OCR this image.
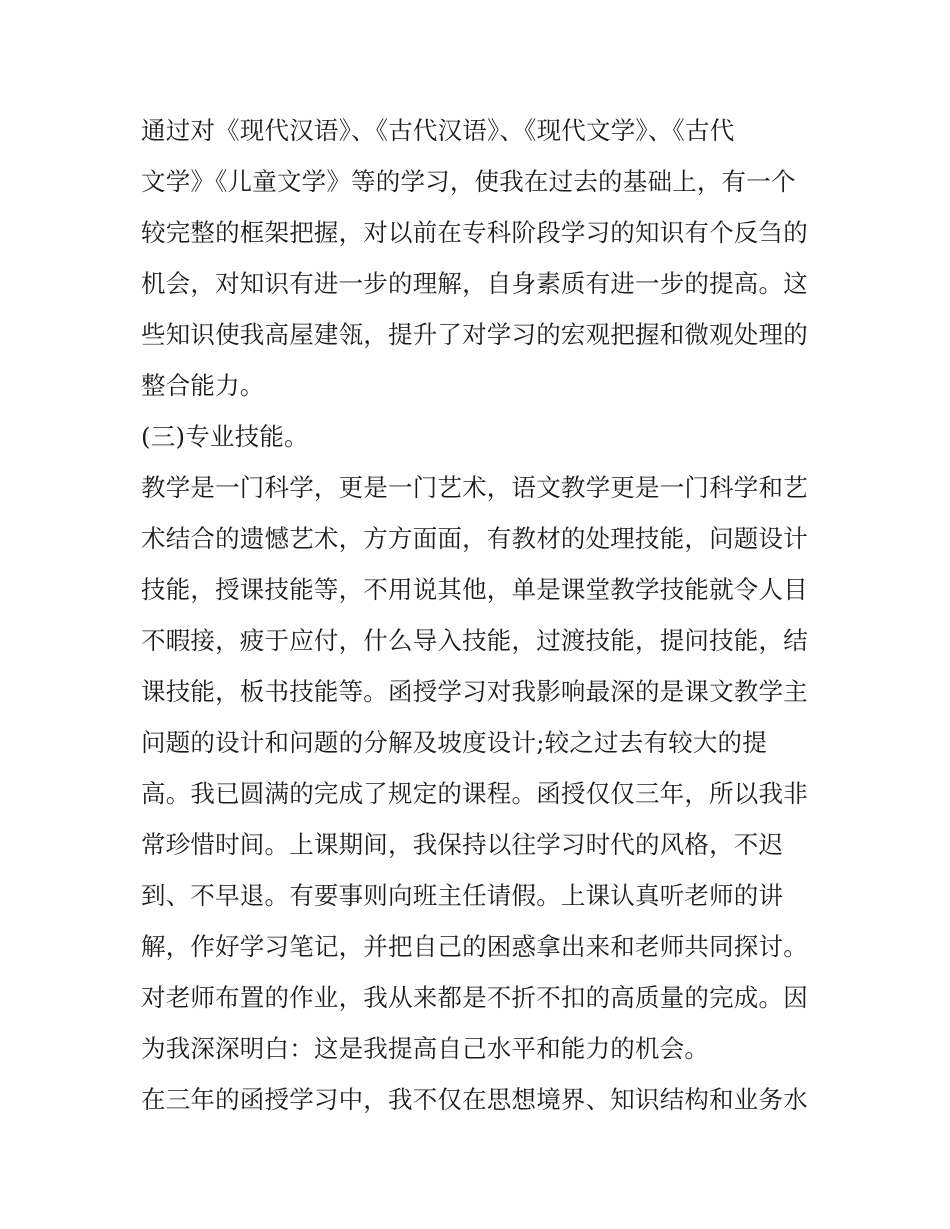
通过对《现代汉语》、《古代汉语》、《现代文学》、《古代
文学》《儿童文学》等的学习，使我在过去的基础上，有一个
较完整的框架把握，对以前在专科阶段学习的知识有个反刍的
机会，对知识有进一步的理解，自身素质有进一步的提高。这
些知识使我高屋建瓴，提升了对学习的宏观把握和微观处理的
整合能力。
(三)专业技能。
教学是一门科学，更是一门艺术，语文教学更是一门科学和艺
术结合的遗憾艺术，方方面面，有教材的处理技能，问题设计
技能，授课技能等，不用说其他，单是课堂教学技能就令人目
不暇接，疲于应付，什么导入技能，过渡技能，提问技能，结
课技能，板书技能等。函授学习对我影响最深的是课文教学主
问题的设计和问题的分解及坡度设计;较之过去有较大的提
高。我已圆满的完成了规定的课程。函授仅仅三年，所以我非
常珍惜时间。上课期间，我保持以往学习时代的风格，不迟
到、不早退。有要事则向班主任请假。上课认真听老师的讲
解，作好学习笔记，并把自己的困惑拿出来和老师共同探讨。
对老师布置的作业，我从来都是不折不扣的高质量的完成。因
为我深深明白：这是我提高自己水平和能力的机会。
在三年的函授学习中，我不仅在思想境界、知识结构和业务水
